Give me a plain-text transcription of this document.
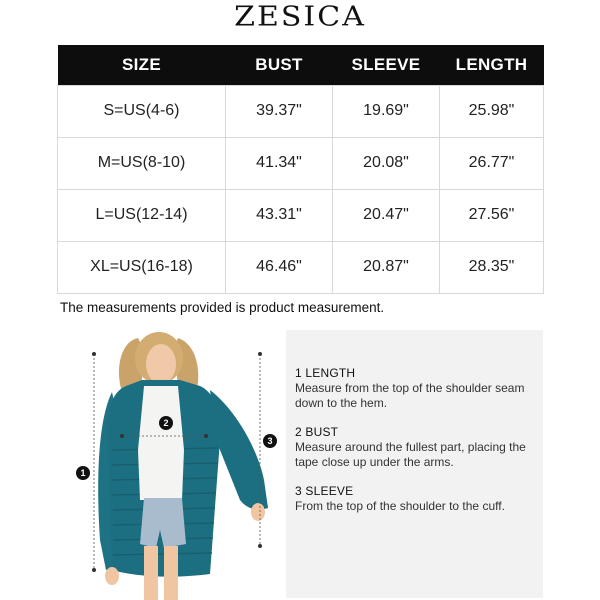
ZESICA
SIZE	BUST	SLEEVE	LENGTH
S=US(4-6)	39.37"	19.69"	25.98"
M=US(8-10)	41.34"	20.08"	26.77"
L=US(12-14)	43.31"	20.47"	27.56"
XL=US(16-18)	46.46"	20.87"	28.35"
The measurements provided is product measurement.
1
2
3
1 LENGTH
Measure from the top of the shoulder seam down to the hem.
2 BUST
Measure around the fullest part, placing the tape close up under the arms.
3 SLEEVE
From the top of the shoulder to the cuff.
